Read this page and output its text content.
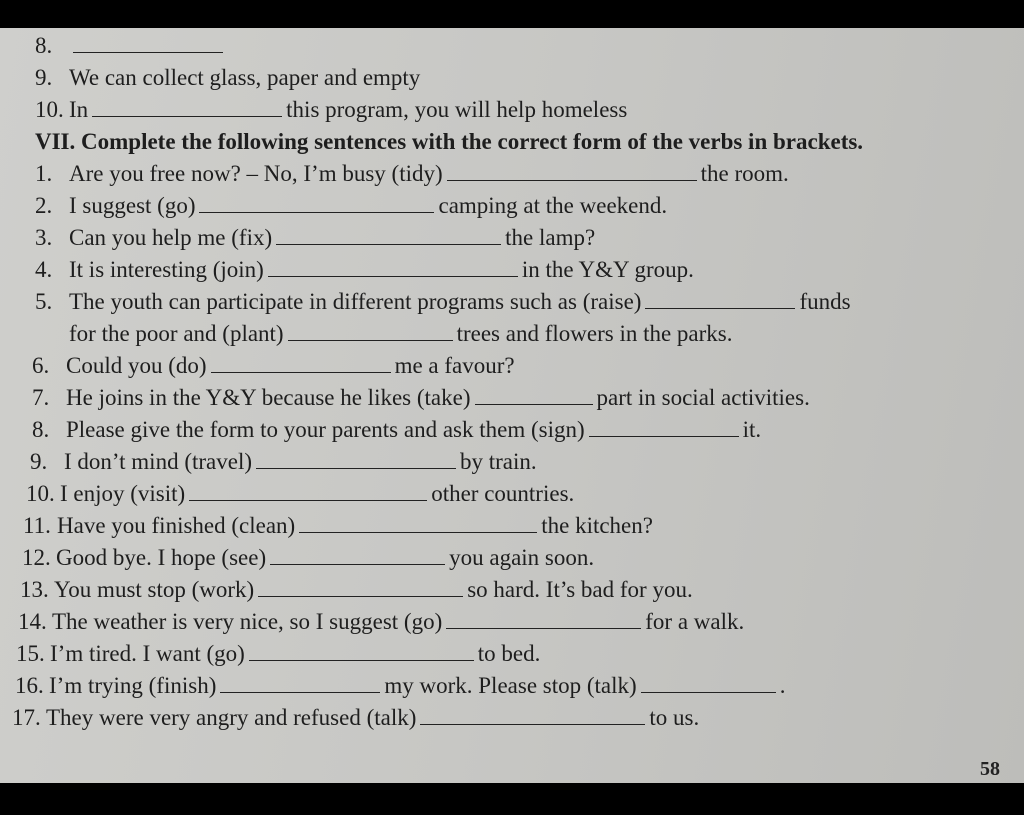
8.
9. We can collect glass, paper and empty
10. In	this program, you will help homeless
VII. Complete the following sentences with the correct form of the verbs in brackets.
1. Are you free now? – No, I’m busy (tidy)	the room.
2. I suggest (go)	camping at the weekend.
3. Can you help me (fix)	the lamp?
4. It is interesting (join)	in the Y&Y group.
5. The youth can participate in different programs such as (raise)	funds
for the poor and (plant)	trees and flowers in the parks.
6. Could you (do)	me a favour?
7. He joins in the Y&Y because he likes (take)	part in social activities.
8. Please give the form to your parents and ask them (sign)	it.
9. I don’t mind (travel)	by train.
10. I enjoy (visit)	other countries.
11. Have you finished (clean)	the kitchen?
12. Good bye. I hope (see)	you again soon.
13. You must stop (work)	so hard. It’s bad for you.
14. The weather is very nice, so I suggest (go)	for a walk.
15. I’m tired. I want (go)	to bed.
16. I’m trying (finish)	my work. Please stop (talk)	.
17. They were very angry and refused (talk)	to us.
58
